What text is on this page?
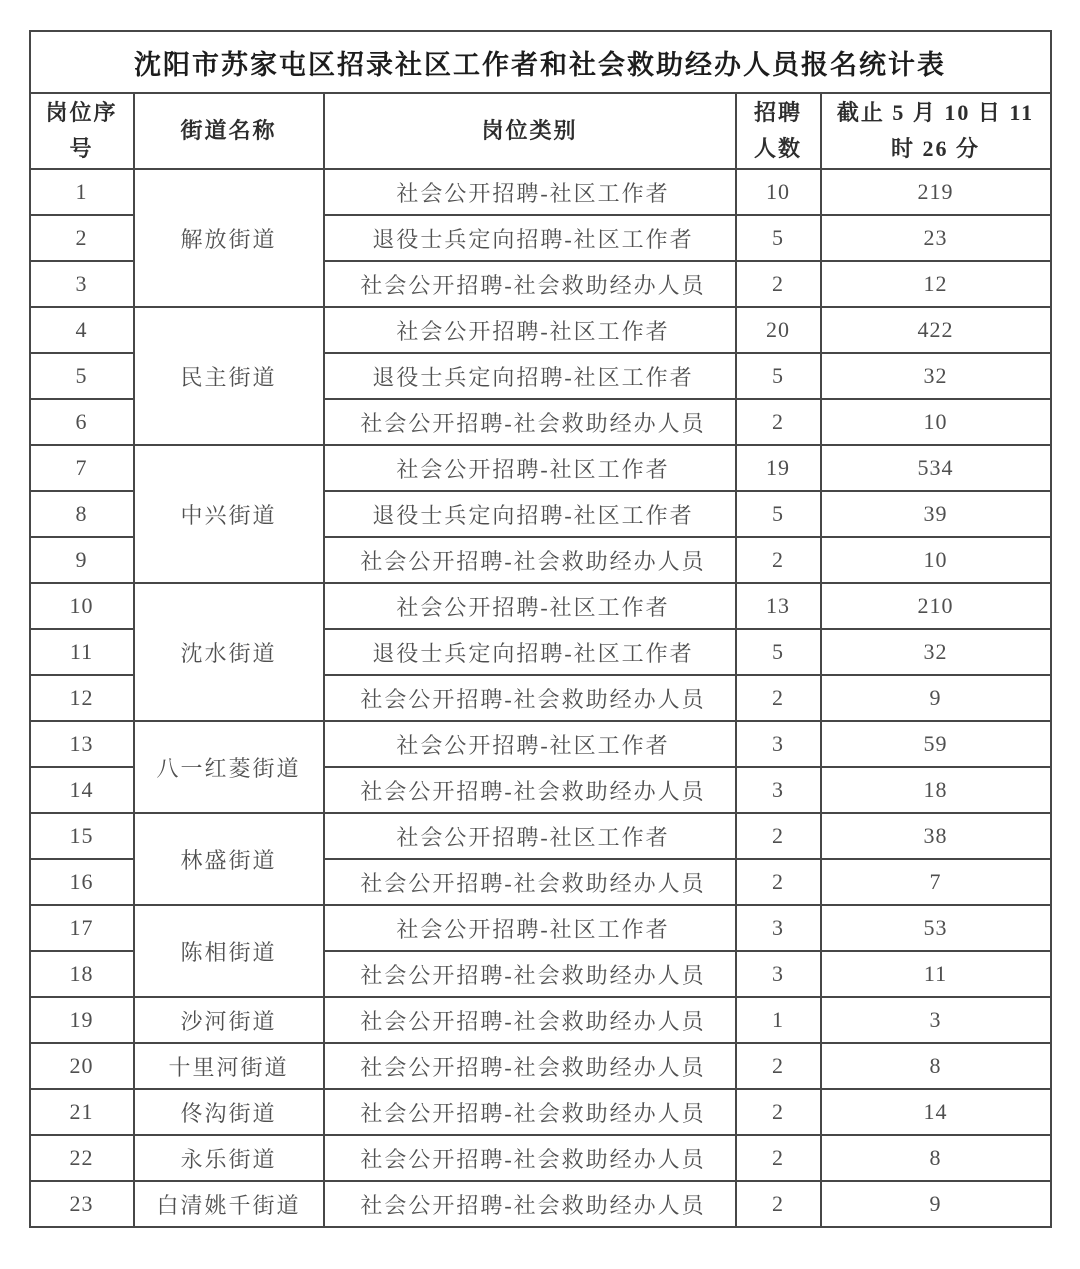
沈阳市苏家屯区招录社区工作者和社会救助经办人员报名统计表				
岗位序号	街道名称	岗位类别	招聘人数	截止 5 月 10 日 11 时 26 分
1	解放街道	社会公开招聘-社区工作者	10	219
2		退役士兵定向招聘-社区工作者	5	23
3		社会公开招聘-社会救助经办人员	2	12
4	民主街道	社会公开招聘-社区工作者	20	422
5		退役士兵定向招聘-社区工作者	5	32
6		社会公开招聘-社会救助经办人员	2	10
7	中兴街道	社会公开招聘-社区工作者	19	534
8		退役士兵定向招聘-社区工作者	5	39
9		社会公开招聘-社会救助经办人员	2	10
10	沈水街道	社会公开招聘-社区工作者	13	210
11		退役士兵定向招聘-社区工作者	5	32
12		社会公开招聘-社会救助经办人员	2	9
13	八一红菱街道	社会公开招聘-社区工作者	3	59
14		社会公开招聘-社会救助经办人员	3	18
15	林盛街道	社会公开招聘-社区工作者	2	38
16		社会公开招聘-社会救助经办人员	2	7
17	陈相街道	社会公开招聘-社区工作者	3	53
18		社会公开招聘-社会救助经办人员	3	11
19	沙河街道	社会公开招聘-社会救助经办人员	1	3
20	十里河街道	社会公开招聘-社会救助经办人员	2	8
21	佟沟街道	社会公开招聘-社会救助经办人员	2	14
22	永乐街道	社会公开招聘-社会救助经办人员	2	8
23	白清姚千街道	社会公开招聘-社会救助经办人员	2	9
